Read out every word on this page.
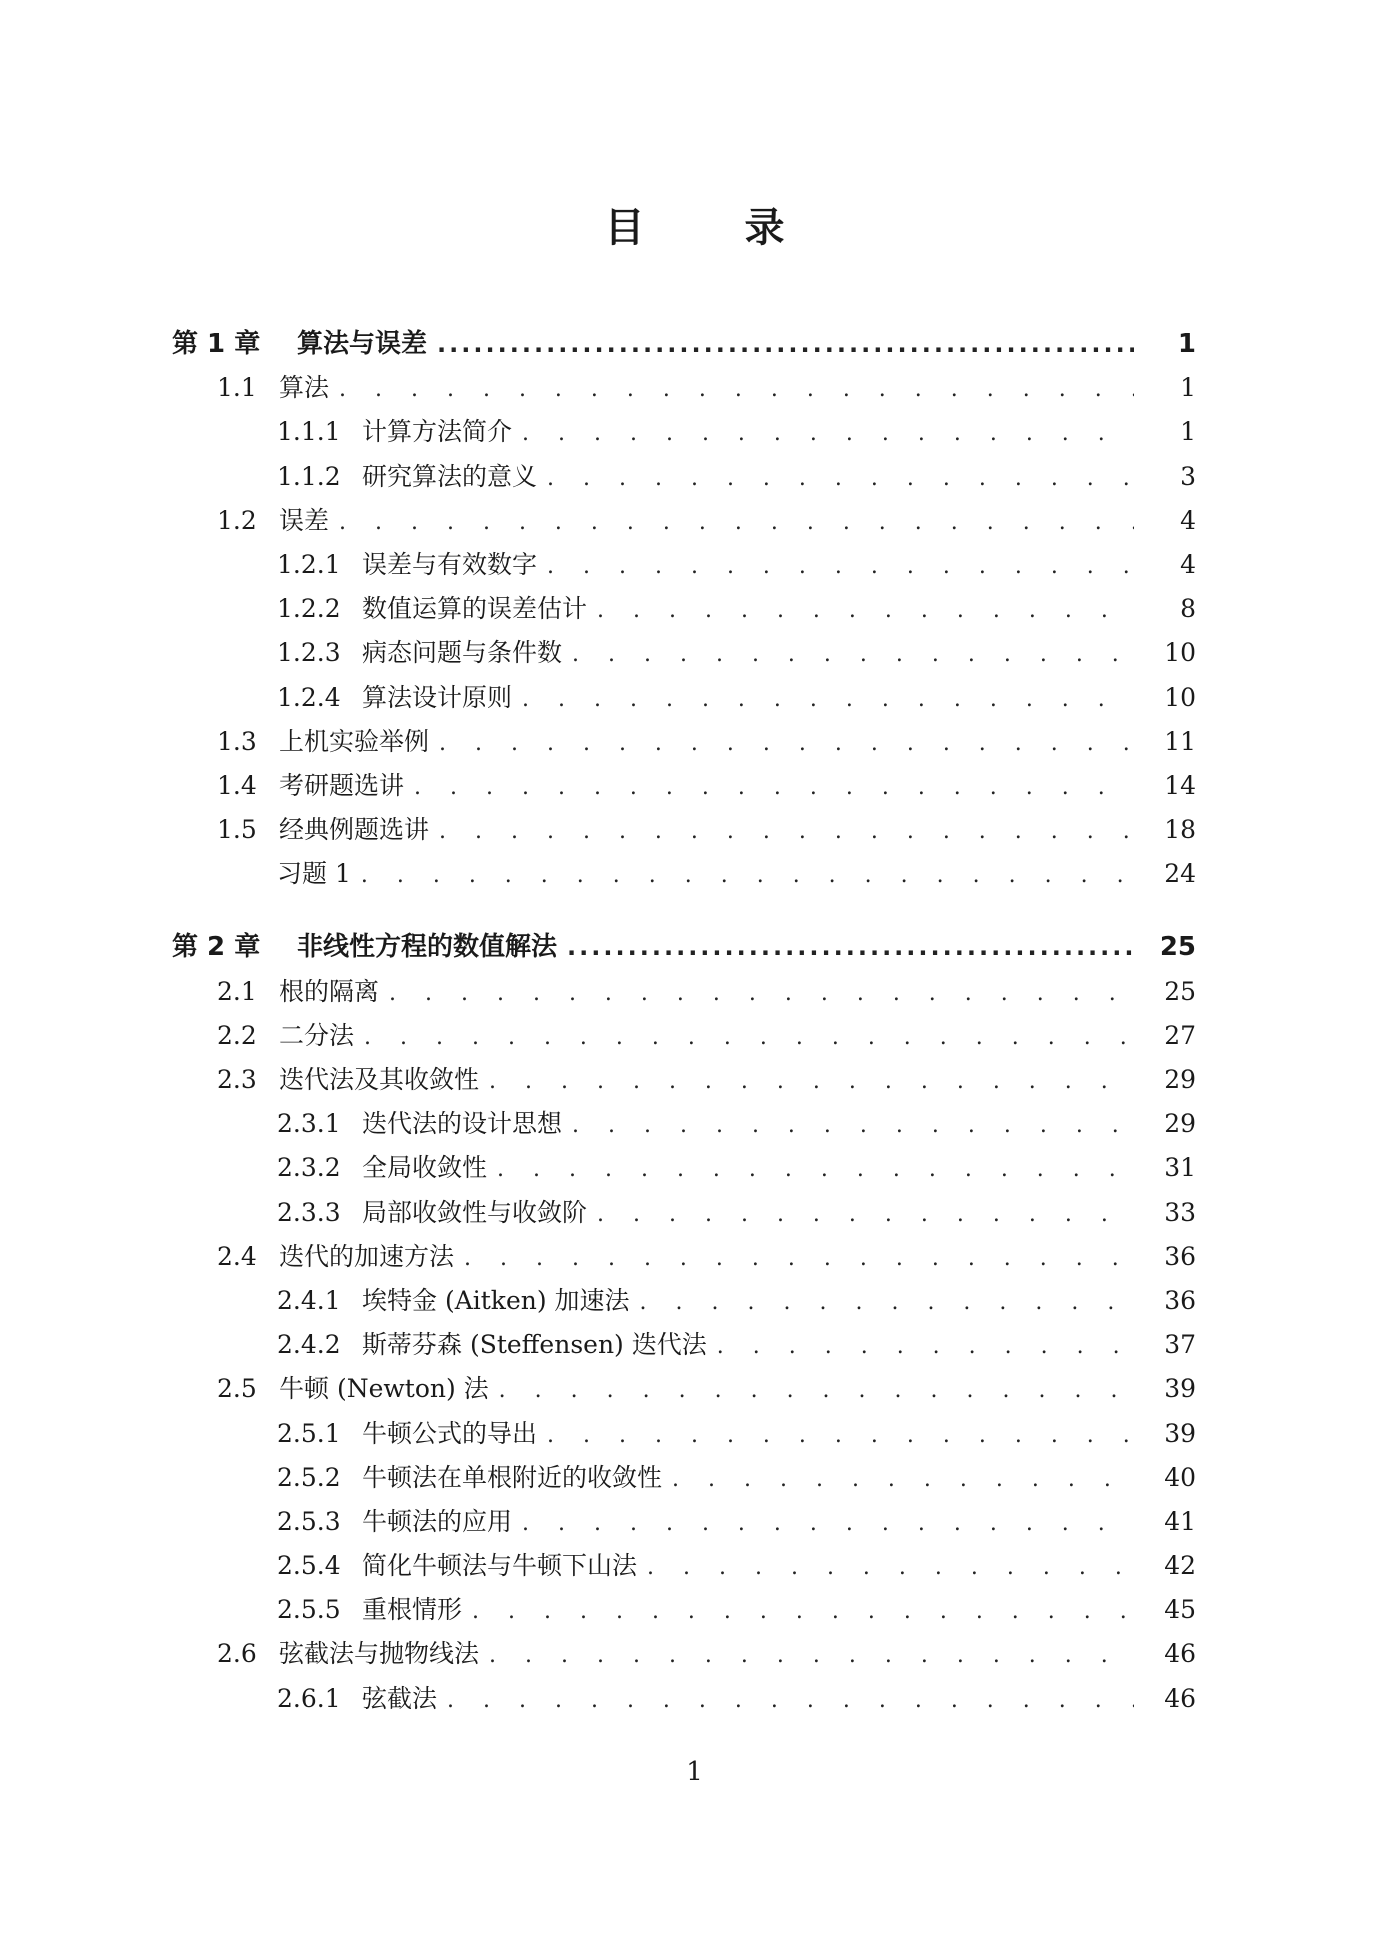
目　录
第 1 章	算法与误差 .....	1
1.1 算法 . . .	1
1.1.1 计算方法简介 . . .	1
1.1.2 研究算法的意义 . . .	3
1.2 误差 . . .	4
1.2.1 误差与有效数字 . . .	4
1.2.2 数值运算的误差估计 . . .	8
1.2.3 病态问题与条件数 . . .	10
1.2.4 算法设计原则 . . .	10
1.3 上机实验举例 . . .	11
1.4 考研题选讲 . . .	14
1.5 经典例题选讲 . . .	18
习题 1 . . .	24
第 2 章	非线性方程的数值解法 .....	25
2.1 根的隔离 . . .	25
2.2 二分法 . . .	27
2.3 迭代法及其收敛性 . . .	29
2.3.1 迭代法的设计思想 . . .	29
2.3.2 全局收敛性 . . .	31
2.3.3 局部收敛性与收敛阶 . . .	33
2.4 迭代的加速方法 . . .	36
2.4.1 埃特金 (Aitken) 加速法 . . .	36
2.4.2 斯蒂芬森 (Steffensen) 迭代法 . . .	37
2.5 牛顿 (Newton) 法 . . .	39
2.5.1 牛顿公式的导出 . . .	39
2.5.2 牛顿法在单根附近的收敛性 . . .	40
2.5.3 牛顿法的应用 . . .	41
2.5.4 简化牛顿法与牛顿下山法 . . .	42
2.5.5 重根情形 . . .	45
2.6 弦截法与抛物线法 . . .	46
2.6.1 弦截法 . . .	46
1
